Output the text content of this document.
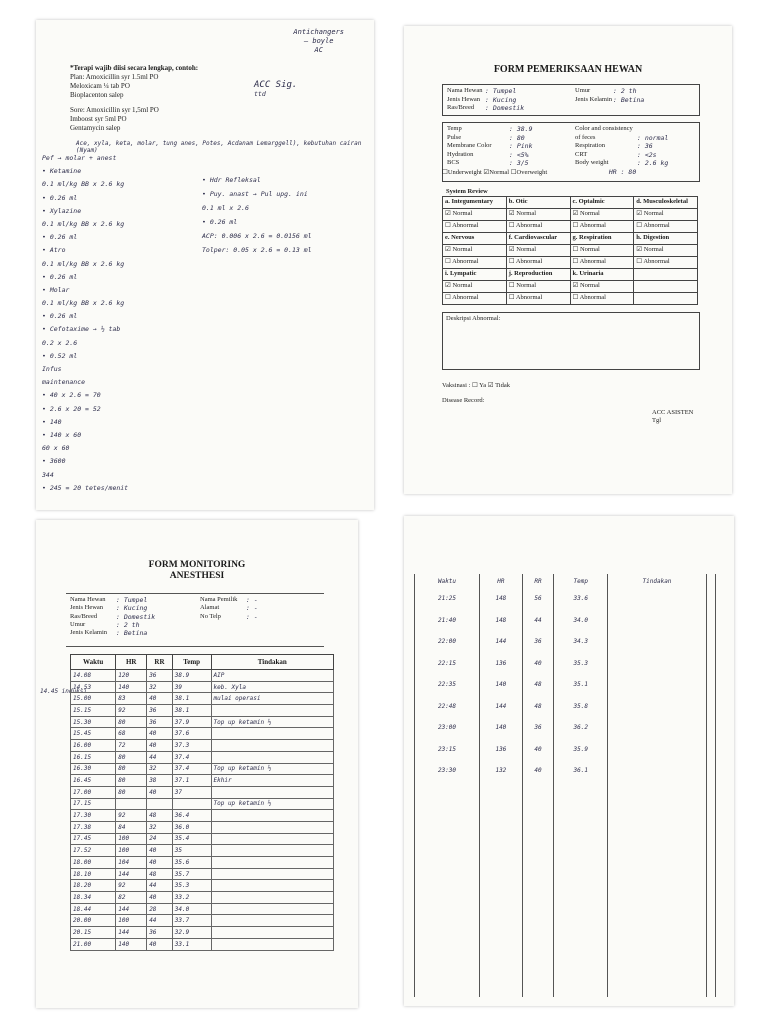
Antichangers
— boyle
AC
*Terapi wajib diisi secara lengkap, contoh:
Plan: Amoxicillin syr 1.5ml PO
Meloxicam ¼ tab PO
Bioplacenton salep
Sore: Amoxicillin syr 1,5ml PO
Imboost syr 5ml PO
Gentamycin salep
ACC Sig.
ttd
Ace, xyla, keta, molar, tung anes, Potes, Acdanam Lemarggell), kebutuhan cairan (Nyam)
Pef → molar + anest
• Ketamine
0.1 ml/kg BB x 2.6 kg
• 0.26 ml
• Xylazine
0.1 ml/kg BB x 2.6 kg
• 0.26 ml
• Atro
0.1 ml/kg BB x 2.6 kg
• 0.26 ml
• Molar
0.1 ml/kg BB x 2.6 kg
• 0.26 ml
• Cefotaxime → ½ tab
0.2 x 2.6
• 0.52 ml
Infus
maintenance
• 40 x 2.6 = 70
• 2.6 x 20 = 52
• 140
• 140 x 60
60 x 60
• 3600
344
• 245 = 20 tetes/menit
• Hdr Refleksal
• Puy. anast → Pul upg. ini
0.1 ml x 2.6
• 0.26 ml
ACP: 0.006 x 2.6 = 0.0156 ml
Tolper: 0.05 x 2.6 = 0.13 ml
FORM PEMERIKSAAN HEWAN
Nama Hewan : Tumpel
Jenis Hewan : Kucing
Ras/Breed	: Domestik
Umur	: 2 th
Jenis Kelamin : Betina
Temp	: 38.9
Pulse	: 80
Membrane Color	: Pink
Hydration	: <5%
BCS	: 3/5
Color and consistency
of feces	: normal
Respiration	: 36
CRT	: <2s
Body weight	: 2.6 kg
☐Underweight ☑Normal ☐Overweight	HR : 80
System Review
a. Integumentary	b. Otic	c. Optalmic	d. Musculoskeletal
☑ Normal	☑ Normal	☑ Normal	☑ Normal
☐ Abnormal	☐ Abnormal	☐ Abnormal	☐ Abnormal
e. Nervous	f. Cardiovascular	g. Respiration	h. Digestion
☑ Normal	☑ Normal	☐ Normal	☑ Normal
☐ Abnormal	☐ Abnormal	☐ Abnormal	☐ Abnormal
i. Lympatic	j. Reproduction	k. Urinaria	
☑ Normal	☐ Normal	☑ Normal	
☐ Abnormal	☐ Abnormal	☐ Abnormal	
Deskripsi Abnormal:
Vaksinasi : ☐ Ya ☑ Tidak
Disease Record:
ACC ASISTEN
Tgl
FORM MONITORING
ANESTHESI
Nama Hewan	: Tumpel
Jenis Hewan	: Kucing
Ras/Breed	: Domestik
Umur	: 2 th
Jenis Kelamin	: Betina
Nama Pemilik	: -
Alamat	: -
No Telp	: -
14.45 induksi
Waktu	HR	RR	Temp	Tindakan
14.08	120	36	38.9	AIP
14.53	140	32	39	keb. Xyla
15.00	83	40	38.1	mulai operasi
15.15	92	36	38.1	
15.30	80	36	37.9	Top up ketamin ½
15.45	68	40	37.6	
16.00	72	40	37.3	
16.15	80	44	37.4	
16.30	80	32	37.4	Top up ketamin ½
16.45	80	38	37.1	Ekhir
17.00	80	40	37	
17.15				Top up ketamin ½
17.30	92	48	36.4	
17.38	84	32	36.0	
17.45	100	24	35.4	
17.52	100	40	35	
18.00	104	40	35.6	
18.10	144	48	35.7	
18.20	92	44	35.3	
18.34	82	40	33.2	
18.44	144	28	34.0	
20.00	100	44	33.7	
20.15	144	36	32.9	
21.00	140	40	33.1	
Waktu	HR	RR	Temp	Tindakan	
21:25	148	56	33.6		
21:40	148	44	34.0		
22:00	144	36	34.3		
22:15	136	40	35.3		
22:35	140	48	35.1		
22:48	144	48	35.8		
23:00	140	36	36.2		
23:15	136	40	35.9		
23:30	132	40	36.1		
